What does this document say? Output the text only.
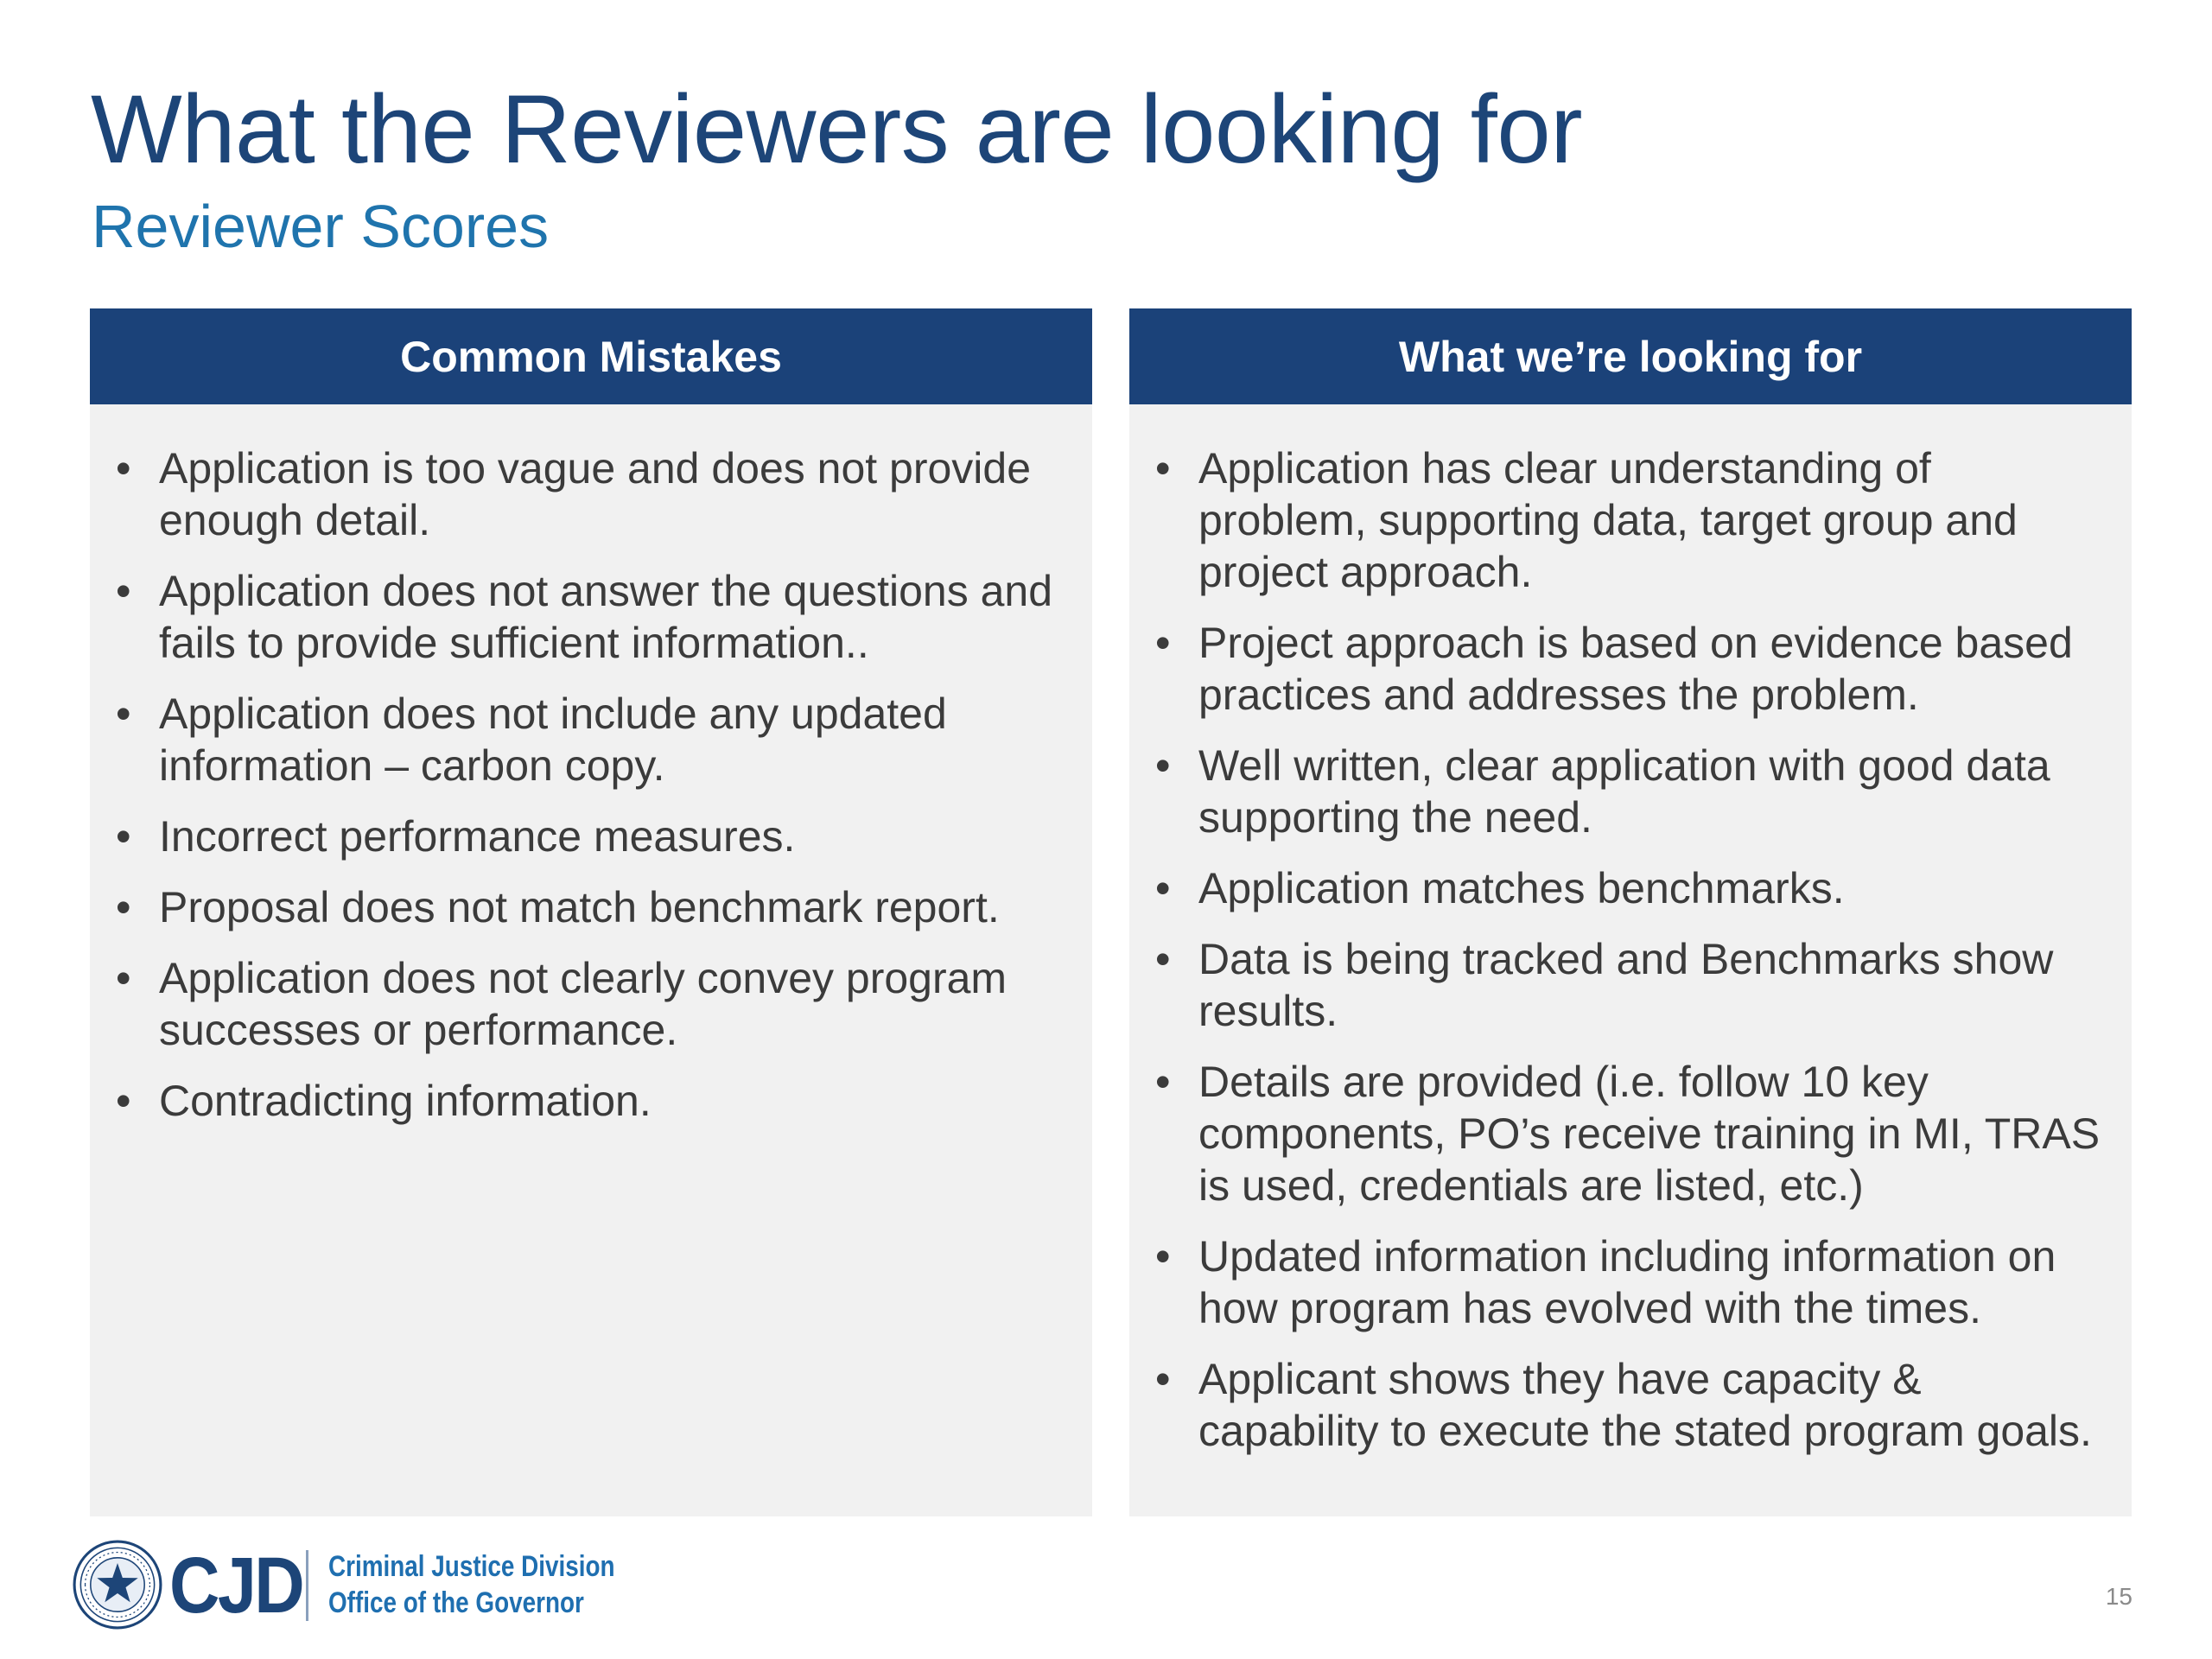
What the Reviewers are looking for
Reviewer Scores
Common Mistakes
• Application is too vague and does not provide enough detail.
• Application does not answer the questions and fails to provide sufficient information..
• Application does not include any updated information – carbon copy.
• Incorrect performance measures.
• Proposal does not match benchmark report.
• Application does not clearly convey program successes or performance.
• Contradicting information.
What we’re looking for
• Application has clear understanding of problem, supporting data, target group and project approach.
• Project approach is based on evidence based practices and addresses the problem.
• Well written, clear application with good data supporting the need.
• Application matches benchmarks.
• Data is being tracked and Benchmarks show results.
• Details are provided (i.e. follow 10 key components, PO’s receive training in MI, TRAS is used, credentials are listed, etc.)
• Updated information including information on how program has evolved with the times.
• Applicant shows they have capacity & capability to execute the stated program goals.
CJD Criminal Justice Division
Office of the Governor	15
